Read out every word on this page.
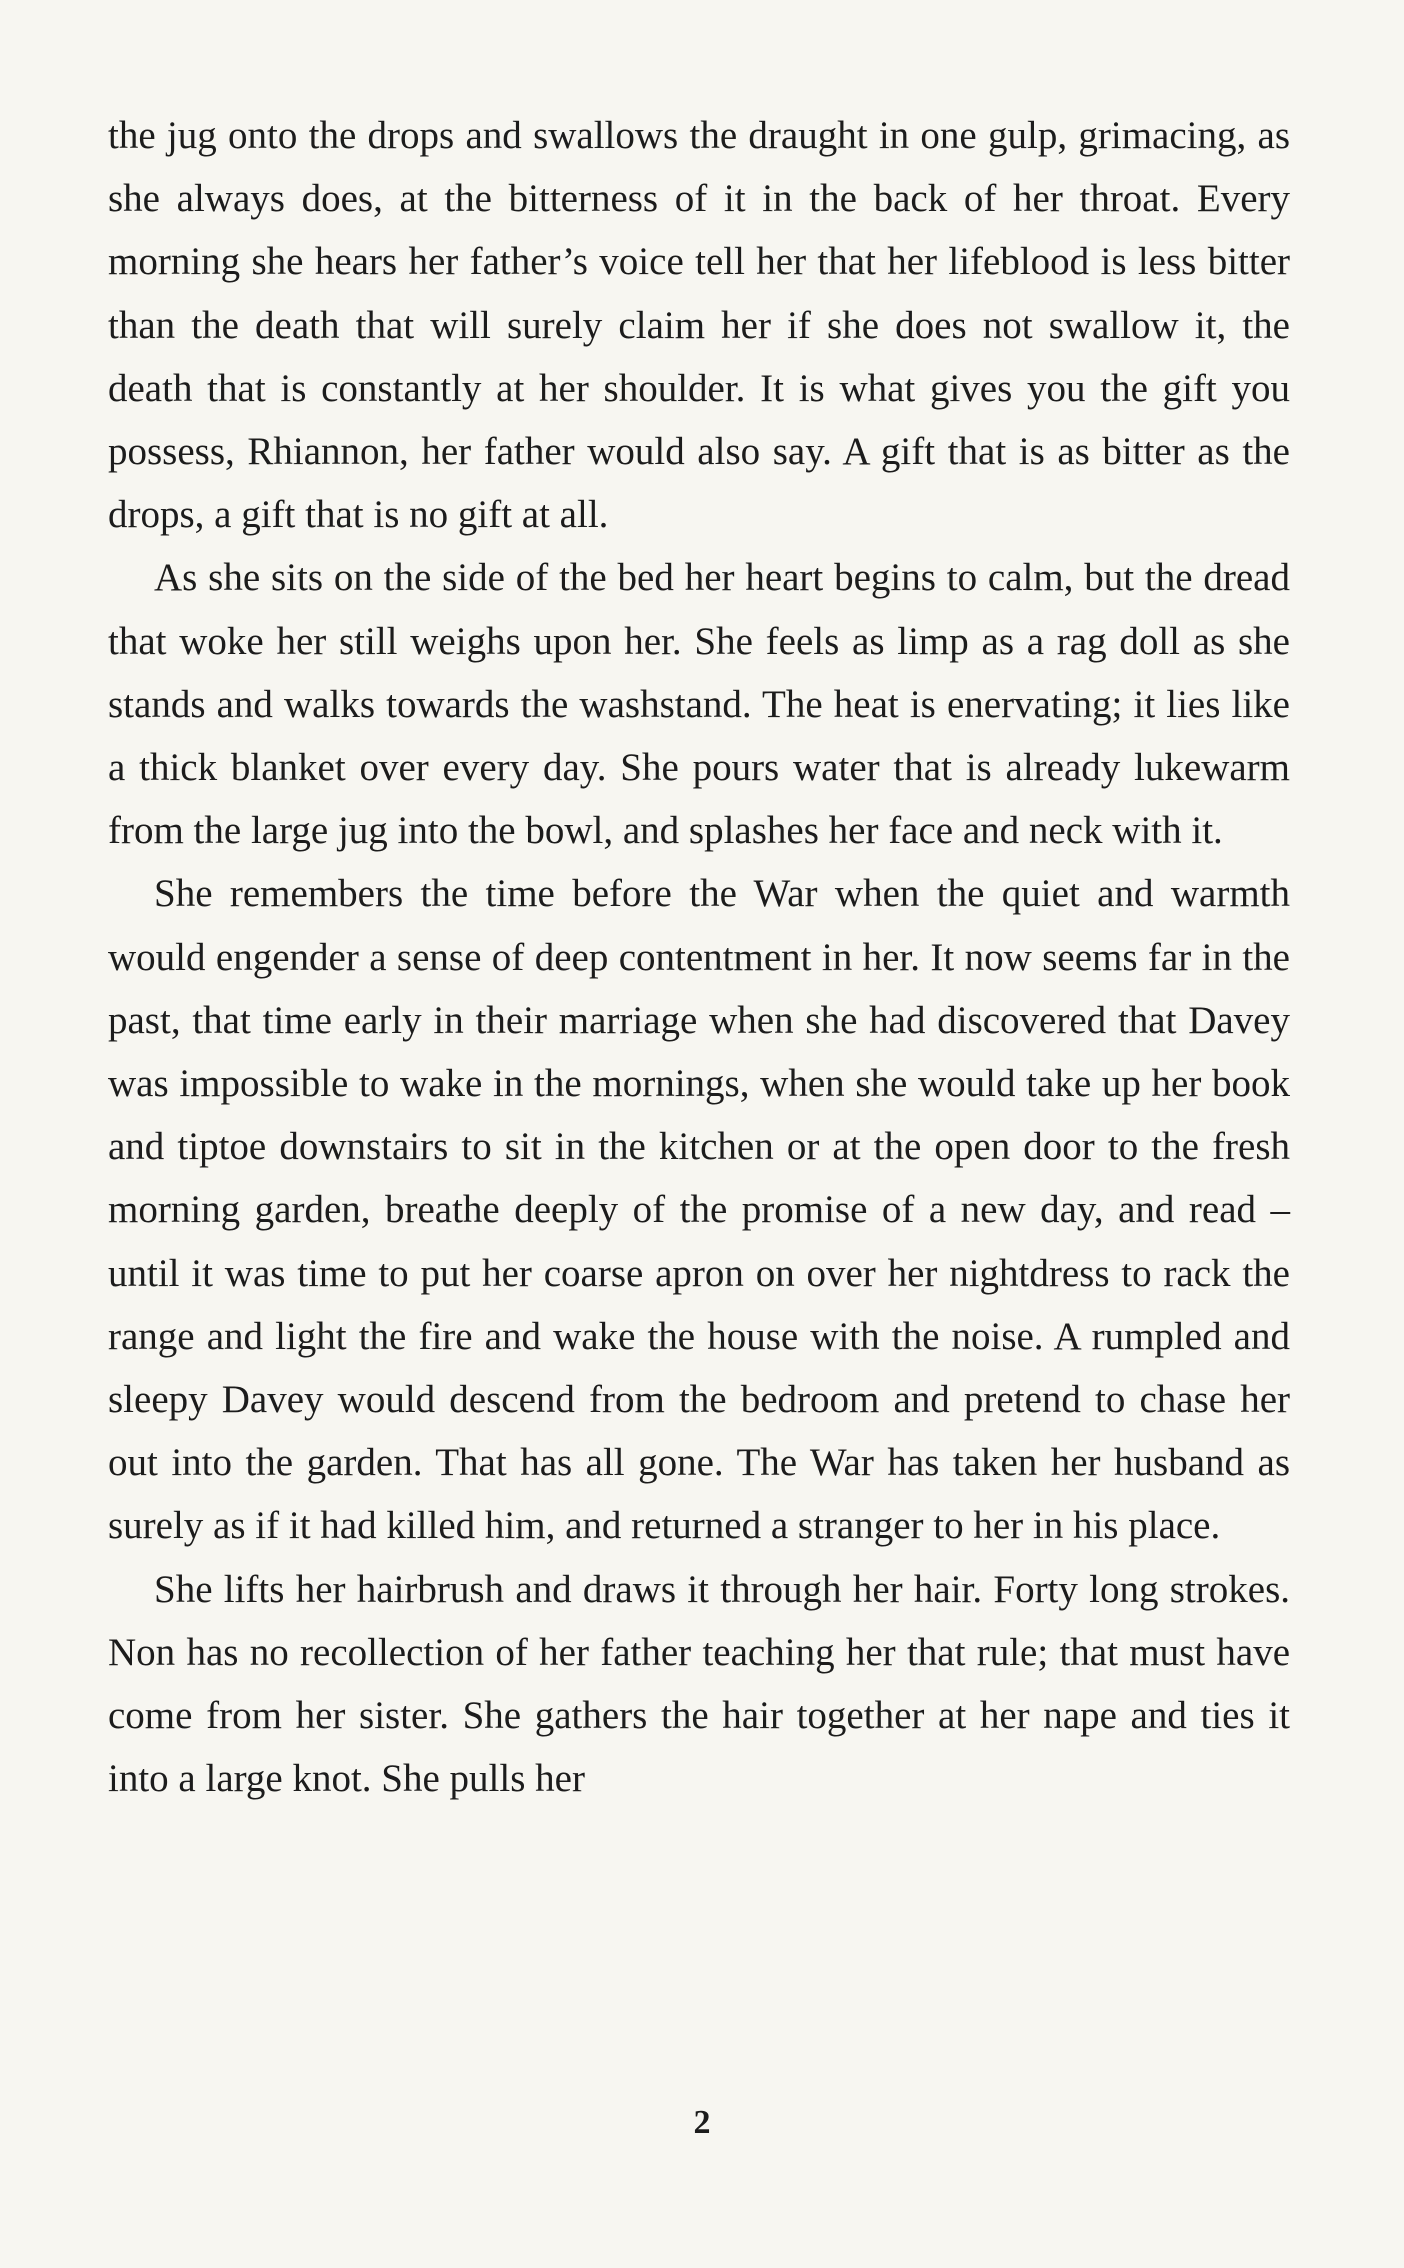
the jug onto the drops and swallows the draught in one gulp, grimacing, as she always does, at the bitterness of it in the back of her throat. Every morning she hears her father’s voice tell her that her lifeblood is less bitter than the death that will surely claim her if she does not swallow it, the death that is constantly at her shoulder. It is what gives you the gift you possess, Rhiannon, her father would also say. A gift that is as bitter as the drops, a gift that is no gift at all.

As she sits on the side of the bed her heart begins to calm, but the dread that woke her still weighs upon her. She feels as limp as a rag doll as she stands and walks towards the washstand. The heat is enervating; it lies like a thick blanket over every day. She pours water that is already lukewarm from the large jug into the bowl, and splashes her face and neck with it.

She remembers the time before the War when the quiet and warmth would engender a sense of deep contentment in her. It now seems far in the past, that time early in their marriage when she had discovered that Davey was impossible to wake in the mornings, when she would take up her book and tiptoe downstairs to sit in the kitchen or at the open door to the fresh morning garden, breathe deeply of the promise of a new day, and read – until it was time to put her coarse apron on over her nightdress to rack the range and light the fire and wake the house with the noise. A rumpled and sleepy Davey would descend from the bedroom and pretend to chase her out into the garden. That has all gone. The War has taken her husband as surely as if it had killed him, and returned a stranger to her in his place.

She lifts her hairbrush and draws it through her hair. Forty long strokes. Non has no recollection of her father teaching her that rule; that must have come from her sister. She gathers the hair together at her nape and ties it into a large knot. She pulls her

2
